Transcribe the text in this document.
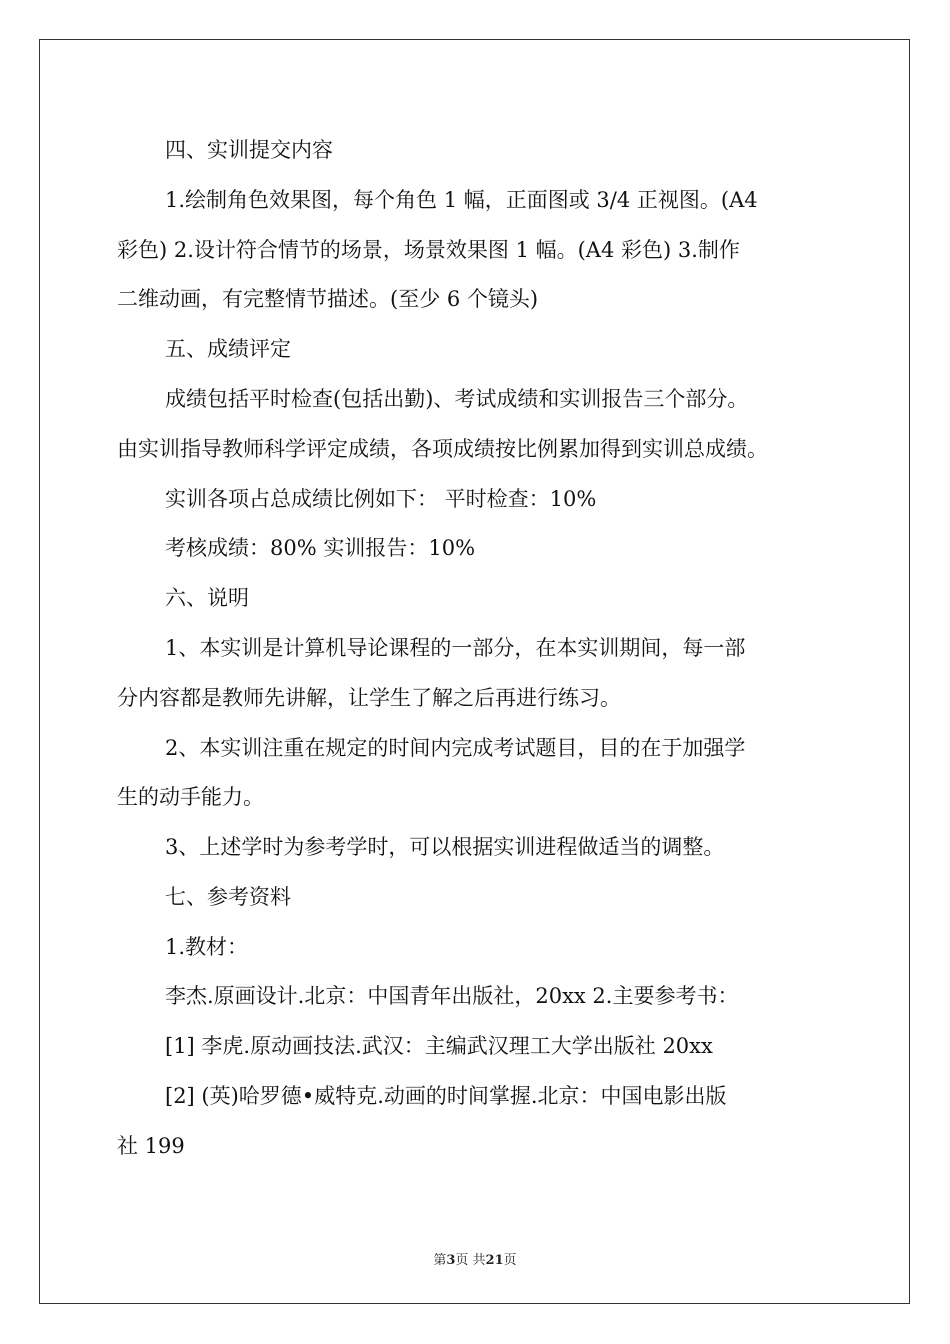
四、实训提交内容
1.绘制角色效果图，每个角色 1 幅，正面图或 3/4 正视图。(A4
彩色) 2.设计符合情节的场景，场景效果图 1 幅。(A4 彩色) 3.制作
二维动画，有完整情节描述。(至少 6 个镜头)
五、成绩评定
成绩包括平时检查(包括出勤)、考试成绩和实训报告三个部分。
由实训指导教师科学评定成绩，各项成绩按比例累加得到实训总成绩。
实训各项占总成绩比例如下： 平时检查：10%
考核成绩：80% 实训报告：10%
六、说明
1、本实训是计算机导论课程的一部分，在本实训期间，每一部
分内容都是教师先讲解，让学生了解之后再进行练习。
2、本实训注重在规定的时间内完成考试题目，目的在于加强学
生的动手能力。
3、上述学时为参考学时，可以根据实训进程做适当的调整。
七、参考资料
1.教材：
李杰.原画设计.北京：中国青年出版社，20xx 2.主要参考书：
[1] 李虎.原动画技法.武汉：主编武汉理工大学出版社 20xx
[2] (英)哈罗德•威特克.动画的时间掌握.北京：中国电影出版
社 199
第3页 共21页
